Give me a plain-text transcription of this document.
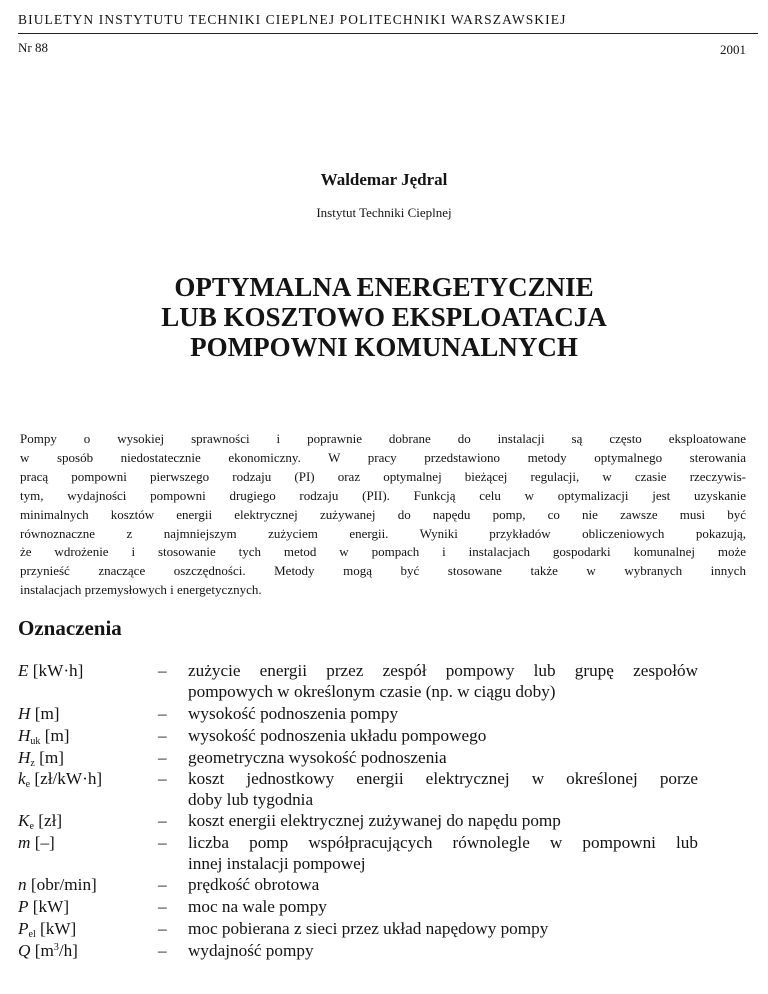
BIULETYN INSTYTUTU TECHNIKI CIEPLNEJ POLITECHNIKI WARSZAWSKIEJ
Nr 88	2001
Waldemar Jędral
Instytut Techniki Cieplnej
OPTYMALNA ENERGETYCZNIE
LUB KOSZTOWO EKSPLOATACJA
POMPOWNI KOMUNALNYCH
Pompy o wysokiej sprawności i poprawnie dobrane do instalacji są często eksploatowane
w sposób niedostatecznie ekonomiczny. W pracy przedstawiono metody optymalnego sterowania
pracą pompowni pierwszego rodzaju (PI) oraz optymalnej bieżącej regulacji, w czasie rzeczywis-
tym, wydajności pompowni drugiego rodzaju (PII). Funkcją celu w optymalizacji jest uzyskanie
minimalnych kosztów energii elektrycznej zużywanej do napędu pomp, co nie zawsze musi być
równoznaczne z najmniejszym zużyciem energii. Wyniki przykładów obliczeniowych pokazują,
że wdrożenie i stosowanie tych metod w pompach i instalacjach gospodarki komunalnej może
przynieść znaczące oszczędności. Metody mogą być stosowane także w wybranych innych
instalacjach przemysłowych i energetycznych.
Oznaczenia
E [kW·h]	–	zużycie energii przez zespół pompowy lub grupę zespołów
pompowych w określonym czasie (np. w ciągu doby)
H [m]	–	wysokość podnoszenia pompy
$H_{uk}$ [m]	–	wysokość podnoszenia układu pompowego
$H_z$ [m]	–	geometryczna wysokość podnoszenia
$k_e$ [zł/kW·h]	–	koszt jednostkowy energii elektrycznej w określonej porze
doby lub tygodnia
$K_e$ [zł]	–	koszt energii elektrycznej zużywanej do napędu pomp
m [–]	–	liczba pomp współpracujących równolegle w pompowni lub
innej instalacji pompowej
n [obr/min]	–	prędkość obrotowa
P [kW]	–	moc na wale pompy
$P_{el}$ [kW]	–	moc pobierana z sieci przez układ napędowy pompy
Q $[m^3/h]$	–	wydajność pompy
